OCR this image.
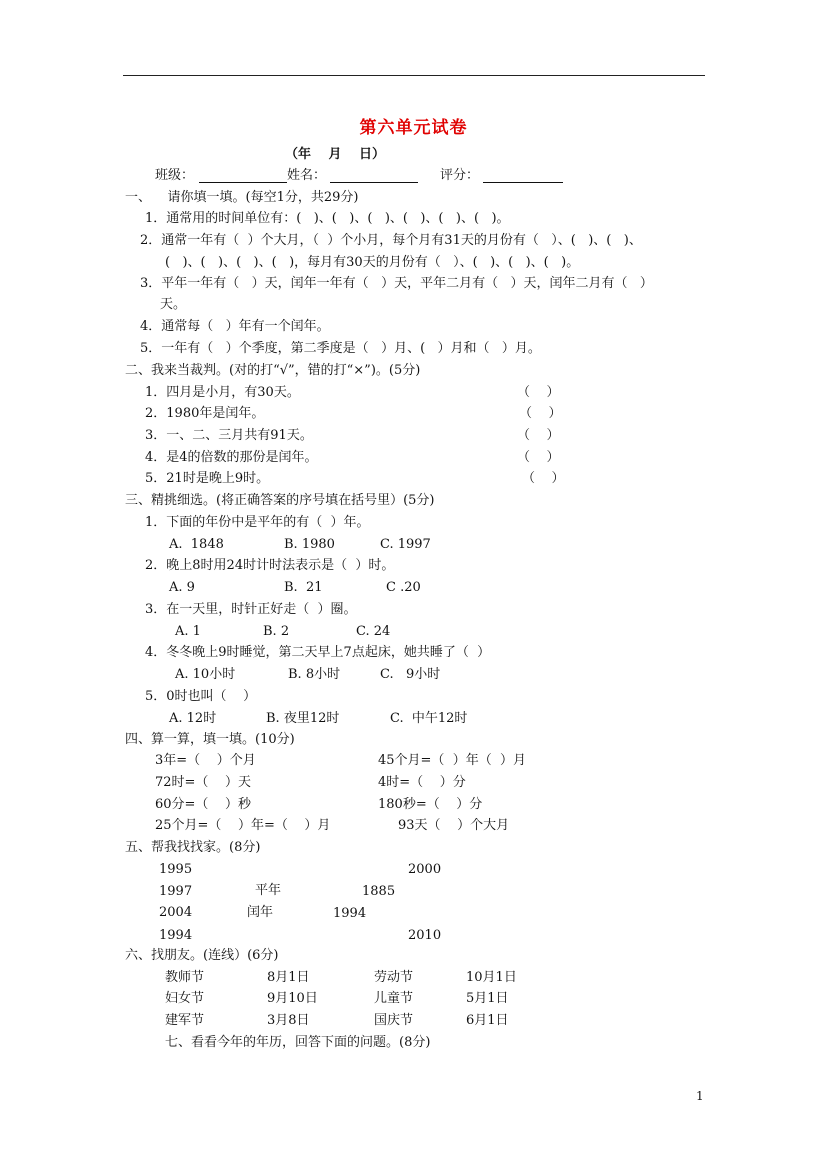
第六单元试卷
（年　 月　 日）
班级：	姓名：	评分：
一、    请你填一填。(每空1分，共29分)
1．通常用的时间单位有：(   )、(   )、(   )、(   )、(   )、(   )。
2．通常一年有（  ）个大月，（  ）个小月，每个月有31天的月份有（   ）、(   )、(   )、
(   )、(   )、(   )、(   )，每月有30天的月份有（   ）、(   )、(   )、(   )。
3．平年一年有（   ）天，闰年一年有（   ）天，平年二月有（   ）天，闰年二月有（   ）
天。
4．通常每（   ）年有一个闰年。
5．一年有（   ）个季度，第二季度是（   ）月、(   ）月和（   ）月。
二、我来当裁判。(对的打“√”，错的打“×”)。(5分)
1．四月是小月，有30天。	（    ）
2．1980年是闰年。	（    ）
3．一、二、三月共有91天。	（    ）
4．是4的倍数的那份是闰年。	（    ）
5．21时是晚上9时。	（    ）
三、精挑细选。(将正确答案的序号填在括号里）(5分)
1．下面的年份中是平年的有（  ）年。
A.  1848	B. 1980	C. 1997
2．晚上8时用24时计时法表示是（  ）时。
A. 9	B.  21	C .20
3．在一天里，时针正好走（  ）圈。
A. 1	B. 2	C. 24
4．冬冬晚上9时睡觉，第二天早上7点起床，她共睡了（  ）
A. 10小时	B. 8小时	C.   9小时
5．0时也叫（    ）
A. 12时	B. 夜里12时	C.  中午12时
四、算一算，填一填。(10分)
3年=（    ）个月	45个月=（  ）年（  ）月
72时=（    ）天	4时=（    ）分
60分=（    ）秒	180秒=（    ）分
25个月=（    ）年=（    ）月	93天（    ）个大月
五、帮我找找家。(8分)
1995	2000
1997	平年	1885
2004	闰年	1994
1994	2010
六、找朋友。(连线）(6分)
教师节	8月1日	劳动节	10月1日
妇女节	9月10日	儿童节	5月1日
建军节	3月8日	国庆节	6月1日
七、看看今年的年历，回答下面的问题。(8分)
1
